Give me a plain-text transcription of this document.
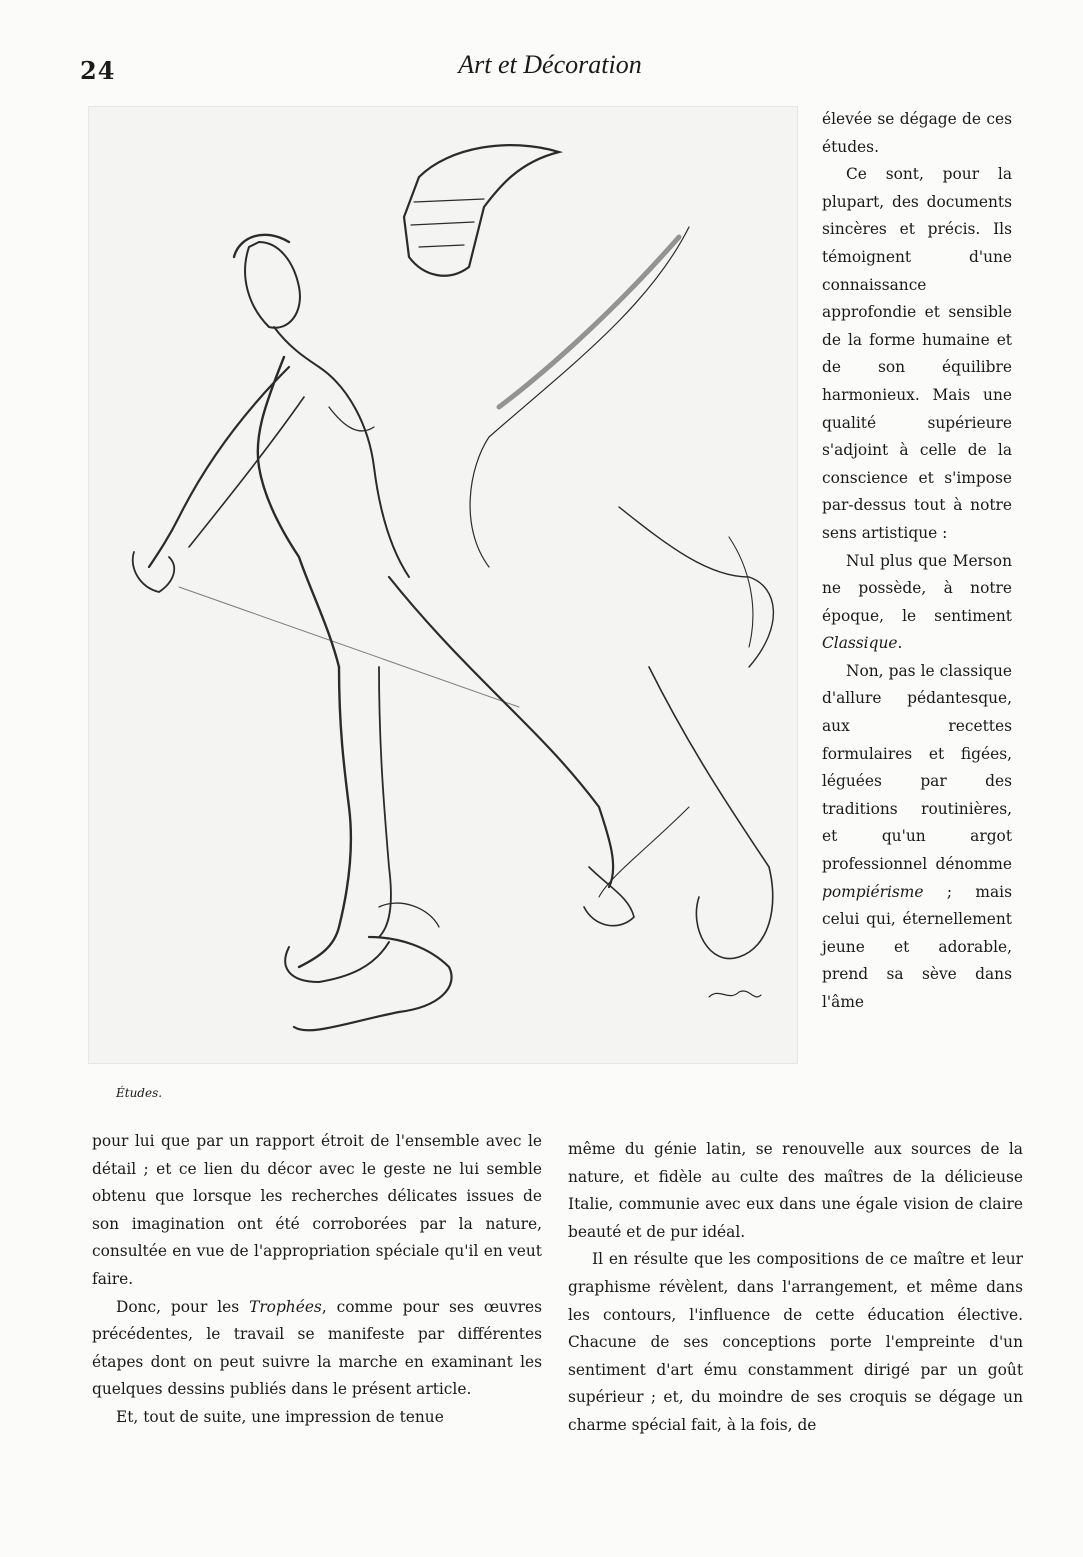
24	Art et Décoration
Études.

élevée se dégage de ces études.

Ce sont, pour la plupart, des documents sincères et précis. Ils témoignent d'une connaissance approfondie et sensible de la forme humaine et de son équilibre harmonieux. Mais une qualité supérieure s'adjoint à celle de la conscience et s'impose par-dessus tout à notre sens artistique :

Nul plus que Merson ne possède, à notre époque, le sentiment Classique.

Non, pas le classique d'allure pédantesque, aux recettes formulaires et figées, léguées par des traditions routinières, et qu'un argot professionnel dénomme pompiérisme ; mais celui qui, éternellement jeune et adorable, prend sa sève dans l'âme

pour lui que par un rapport étroit de l'ensemble avec le détail ; et ce lien du décor avec le geste ne lui semble obtenu que lorsque les recherches délicates issues de son imagination ont été corroborées par la nature, consultée en vue de l'appropriation spéciale qu'il en veut faire.

Donc, pour les Trophées, comme pour ses œuvres précédentes, le travail se manifeste par différentes étapes dont on peut suivre la marche en examinant les quelques dessins publiés dans le présent article.

Et, tout de suite, une impression de tenue

même du génie latin, se renouvelle aux sources de la nature, et fidèle au culte des maîtres de la délicieuse Italie, communie avec eux dans une égale vision de claire beauté et de pur idéal.

Il en résulte que les compositions de ce maître et leur graphisme révèlent, dans l'arrangement, et même dans les contours, l'influence de cette éducation élective. Chacune de ses conceptions porte l'empreinte d'un sentiment d'art ému constamment dirigé par un goût supérieur ; et, du moindre de ses croquis se dégage un charme spécial fait, à la fois, de
